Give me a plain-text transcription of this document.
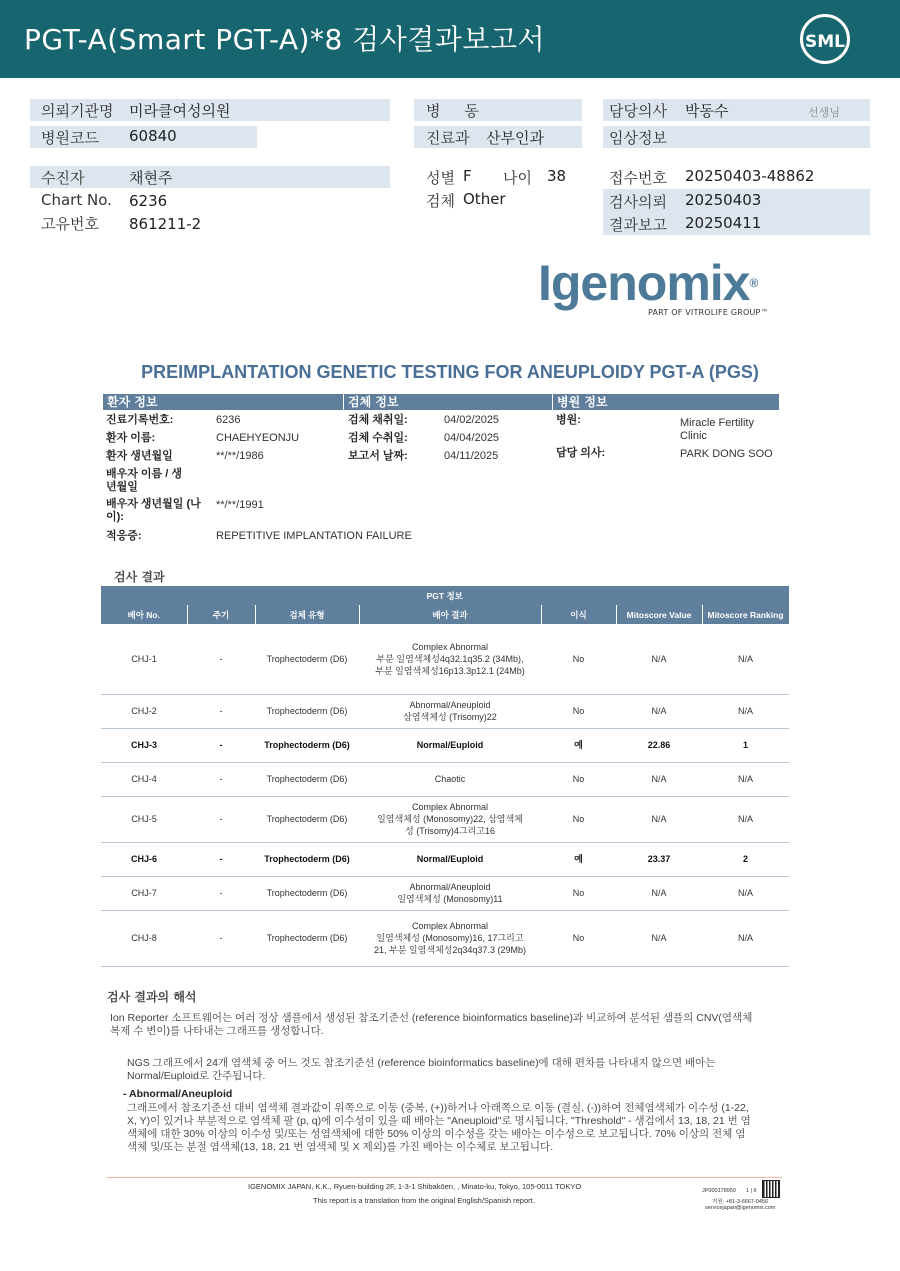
PGT-A(Smart PGT-A)*8 검사결과보고서	SML
의뢰기관명 미라클여성의원
병원코드 60840
병     동
진료과 산부인과
담당의사 박동수	선생님
임상정보
수진자	채현주
Chart No. 6236
고유번호 861211-2
성별 F 나이 38
검체 Other
접수번호 20250403-48862
검사의뢰 20250403
결과보고 20250411
Igenomix®
PART OF VITROLIFE GROUP™
PREIMPLANTATION GENETIC TESTING FOR ANEUPLOIDY PGT-A (PGS)
환자 정보	검체 정보	병원 정보
진료기록번호:	6236
환자 이름:	CHAEHYEONJU
환자 생년월일	**/**/1986
배우자 이름 / 생년월일
배우자 생년월일 (나이):
**/**/1991
적응증:	REPETITIVE IMPLANTATION FAILURE
검체 채취일:	04/02/2025
검체 수취일:	04/04/2025
보고서 날짜:	04/11/2025
병원:	Miracle Fertility Clinic
담당 의사:	PARK DONG SOO
검사 결과
PGT 정보						
배아 No.	주기	검체 유형	배아 결과	이식	Mitoscore Value	Mitoscore Ranking
CHJ-1	-	Trophectoderm (D6)	Complex Abnormal
부분 일염색체성4q32.1q35.2 (34Mb), 부분 일염색체성16p13.3p12.1 (24Mb)	No	N/A	N/A
CHJ-2	-	Trophectoderm (D6)	Abnormal/Aneuploid
삼염색체성 (Trisomy)22	No	N/A	N/A
CHJ-3	-	Trophectoderm (D6)	Normal/Euploid	예	22.86	1
CHJ-4	-	Trophectoderm (D6)	Chaotic	No	N/A	N/A
CHJ-5	-	Trophectoderm (D6)	Complex Abnormal
일염색체성 (Monosomy)22, 삼염색체성 (Trisomy)4그리고16	No	N/A	N/A
CHJ-6	-	Trophectoderm (D6)	Normal/Euploid	예	23.37	2
CHJ-7	-	Trophectoderm (D6)	Abnormal/Aneuploid
일염색체성 (Monosomy)11	No	N/A	N/A
CHJ-8	-	Trophectoderm (D6)	Complex Abnormal
일염색체성 (Monosomy)16, 17그리고21, 부분 일염색체성2q34q37.3 (29Mb)	No	N/A	N/A
검사 결과의 해석
Ion Reporter 소프트웨어는 여러 정상 샘플에서 생성된 참조기준선 (reference bioinformatics baseline)과 비교하여 분석된 샘플의 CNV(염색체 복제 수 변이)를 나타내는 그래프를 생성합니다.
NGS 그래프에서 24개 염색체 중 어느 것도 참조기준선 (reference bioinformatics baseline)에 대해 편차를 나타내지 않으면 배아는 Normal/Euploid로 간주됩니다.
- Abnormal/Aneuploid
그래프에서 참조기준선 대비 염색체 결과값이 위쪽으로 이동 (중복, (+))하거나 아래쪽으로 이동 (결실, (-))하여 전체염색체가 이수성 (1-22, X, Y)이 있거나 부분적으로 염색체 팔 (p, q)에 이수성이 있을 때 배아는 "Aneuploid"로 명시됩니다. "Threshold" - 생검에서 13, 18, 21 번 염색체에 대한 30% 이상의 이수성 및/또는 성염색체에 대한 50% 이상의 이수성을 갖는 배아는 이수성으로 보고됩니다. 70% 이상의 전체 염색체 및/또는 분절 염색체(13, 18, 21 번 염색체 및 X 제외)를 가진 배아는 이수체로 보고됩니다.
IGENOMIX JAPAN, K.K., Ryuen-building 2F, 1-3-1 Shibakōen, , Minato-ku, Tokyo, 105-0011 TOKYO
This report is a translation from the original English/Spanish report.
JP000178959 1 | 6
지원: +81-3-6667-0456
servicejapan@igenomix.com
